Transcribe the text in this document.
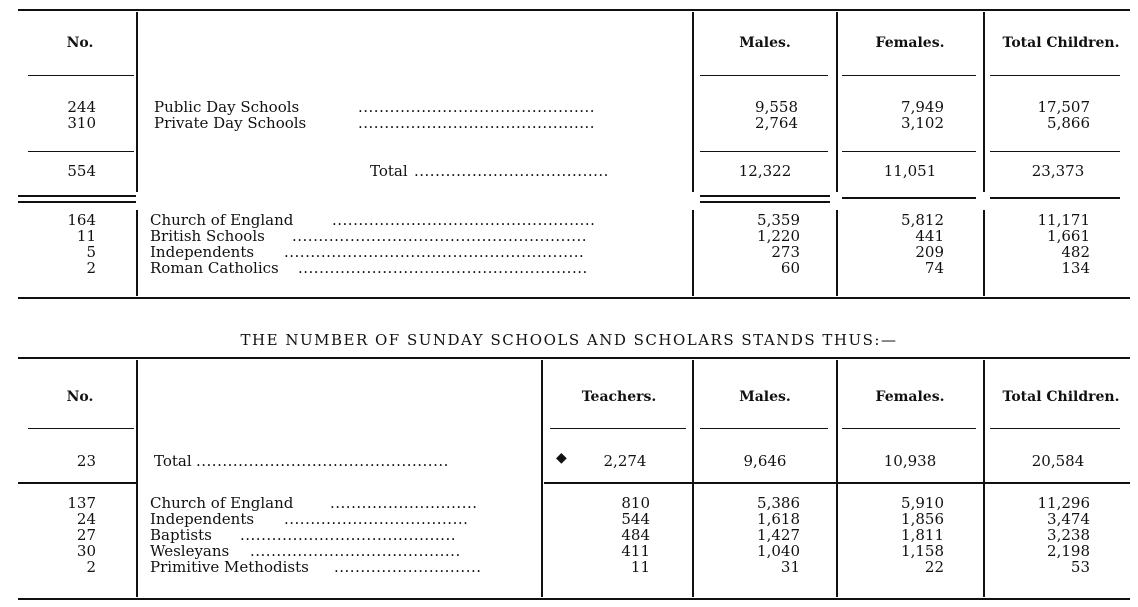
No.	Males.	Females.	Total Children.
244	Public Day Schools	.............................................	9,558	7,949	17,507
310	Private Day Schools	.............................................	2,764	3,102	5,866
554	Total .....................................	12,322	11,051	23,373
164	Church of England	..................................................	5,359	5,812	11,171
11	British Schools ........................................................	1,220	441	1,661
5	Independents .........................................................	273	209	482
2	Roman Catholics .......................................................	60	74	134
THE NUMBER OF SUNDAY SCHOOLS AND SCHOLARS STANDS THUS:—
No.	Teachers.	Males.	Females.	Total Children.
23	Total ................................................	◆	2,274	9,646	10,938	20,584
137	Church of England ............................	810	5,386	5,910	11,296
24	Independents ...................................	544	1,618	1,856	3,474
27	Baptists .........................................	484	1,427	1,811	3,238
30	Wesleyans ........................................	411	1,040	1,158	2,198
2	Primitive Methodists ............................	11	31	22	53
